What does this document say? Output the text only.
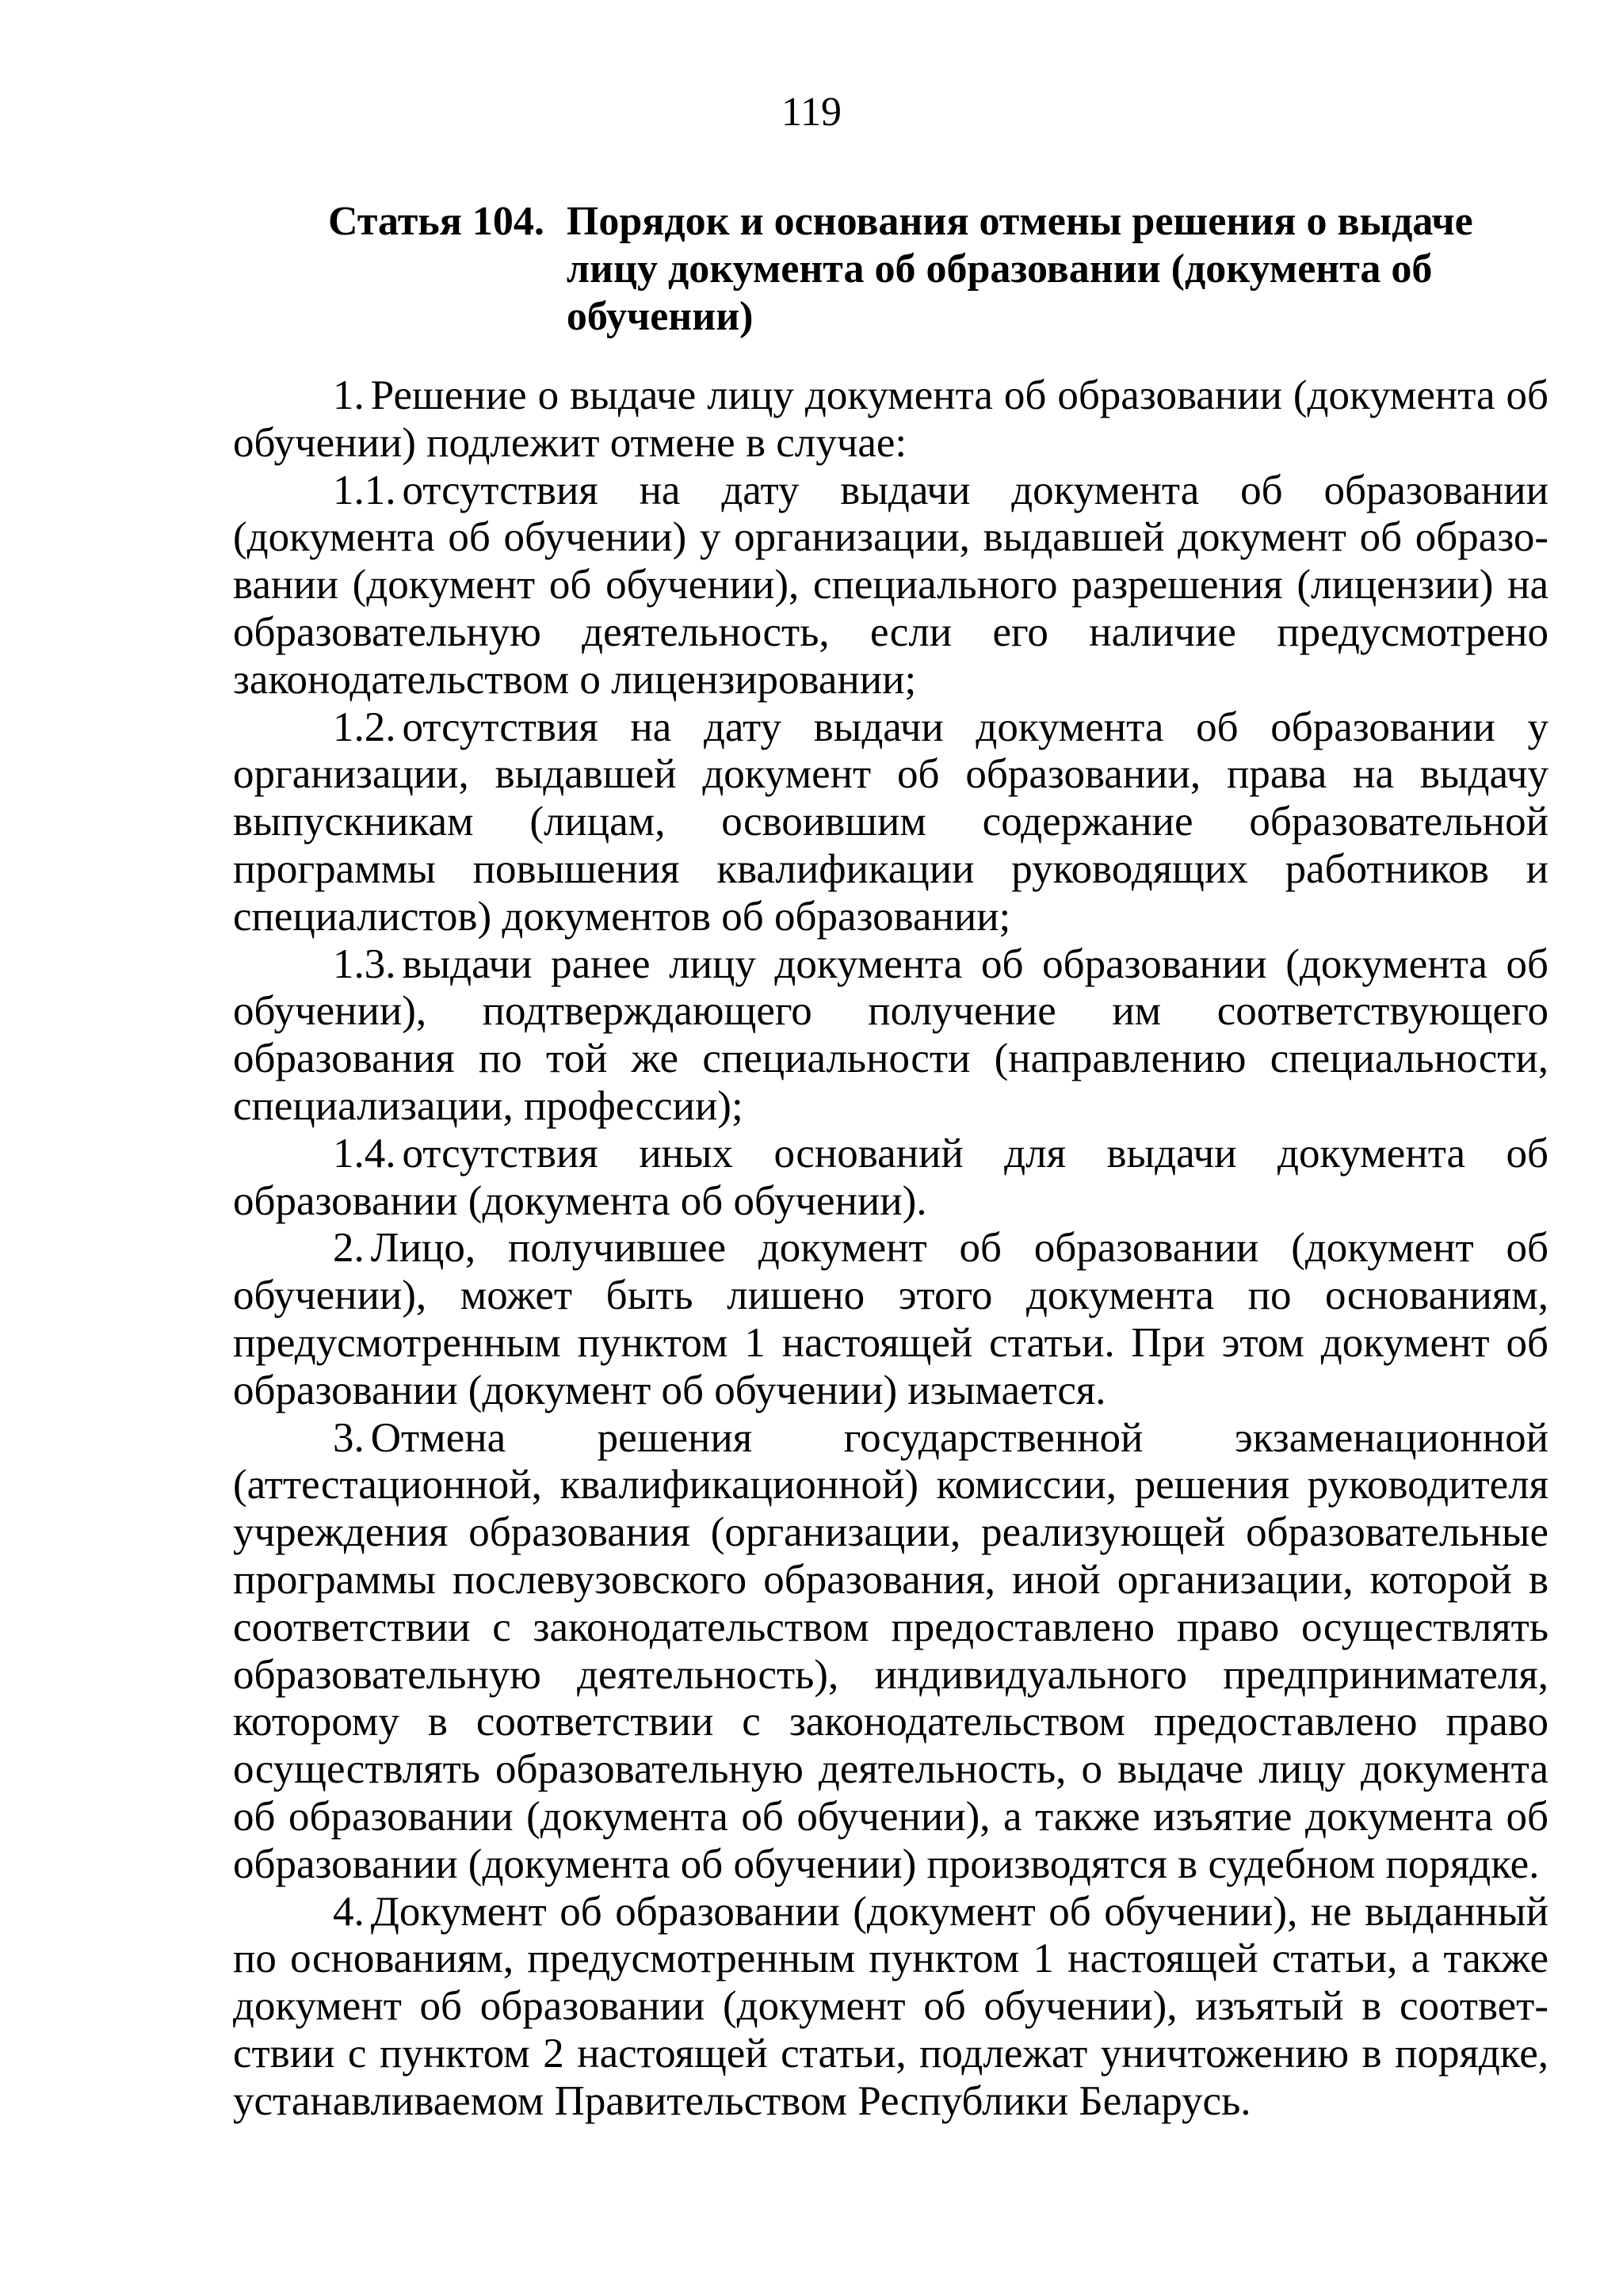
119
Статья 104. Порядок и основания отмены решения о выдаче лицу документа об образовании (документа об обучении)

1. Решение о выдаче лицу документа об образовании (документа об обучении) подлежит отмене в случае:

1.1. отсутствия на дату выдачи документа об образовании (документа об обучении) у организации, выдавшей документ об образовании (документ об обучении), специального разрешения (лицензии) на образовательную деятельность, если его наличие предусмотрено законодательством о лицензировании;

1.2. отсутствия на дату выдачи документа об образовании у организации, выдавшей документ об образовании, права на выдачу выпускникам (лицам, освоившим содержание образовательной программы повышения квалификации руководящих работников и специалистов) документов об образовании;

1.3. выдачи ранее лицу документа об образовании (документа об обучении), подтверждающего получение им соответствующего образования по той же специальности (направлению специальности, специализации, профессии);

1.4. отсутствия иных оснований для выдачи документа об образовании (документа об обучении).

2. Лицо, получившее документ об образовании (документ об обучении), может быть лишено этого документа по основаниям, предусмотренным пунктом 1 настоящей статьи. При этом документ об образовании (документ об обучении) изымается.

3. Отмена решения государственной экзаменационной (аттестационной, квалификационной) комиссии, решения руководителя учреждения образования (организации, реализующей образовательные программы послевузовского образования, иной организации, которой в соответствии с законодательством предоставлено право осуществлять образовательную деятельность), индивидуального предпринимателя, которому в соответствии с законодательством предоставлено право осуществлять образовательную деятельность, о выдаче лицу документа об образовании (документа об обучении), а также изъятие документа об образовании (документа об обучении) производятся в судебном порядке.

4. Документ об образовании (документ об обучении), не выданный по основаниям, предусмотренным пунктом 1 настоящей статьи, а также документ об образовании (документ об обучении), изъятый в соответствии с пунктом 2 настоящей статьи, подлежат уничтожению в порядке, устанавливаемом Правительством Республики Беларусь.
